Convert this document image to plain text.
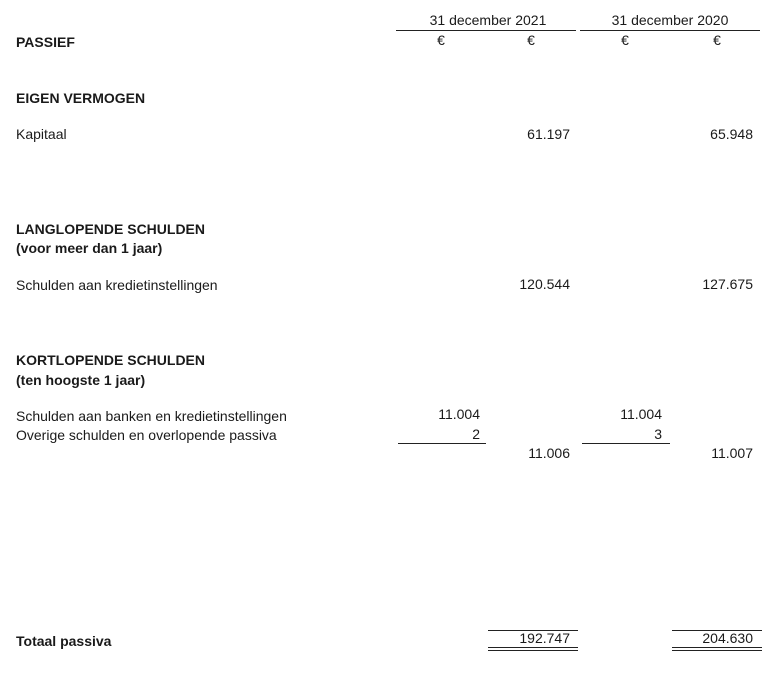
31 december 2021	31 december 2020
PASSIEF	€	€	€	€
EIGEN VERMOGEN
Kapitaal	61.197	65.948
LANGLOPENDE SCHULDEN
(voor meer dan 1 jaar)
Schulden aan kredietinstellingen	120.544	127.675
KORTLOPENDE SCHULDEN
(ten hoogste 1 jaar)
Schulden aan banken en kredietinstellingen	11.004	11.004
Overige schulden en overlopende passiva	2	3
11.006	11.007
Totaal passiva	192.747	204.630
